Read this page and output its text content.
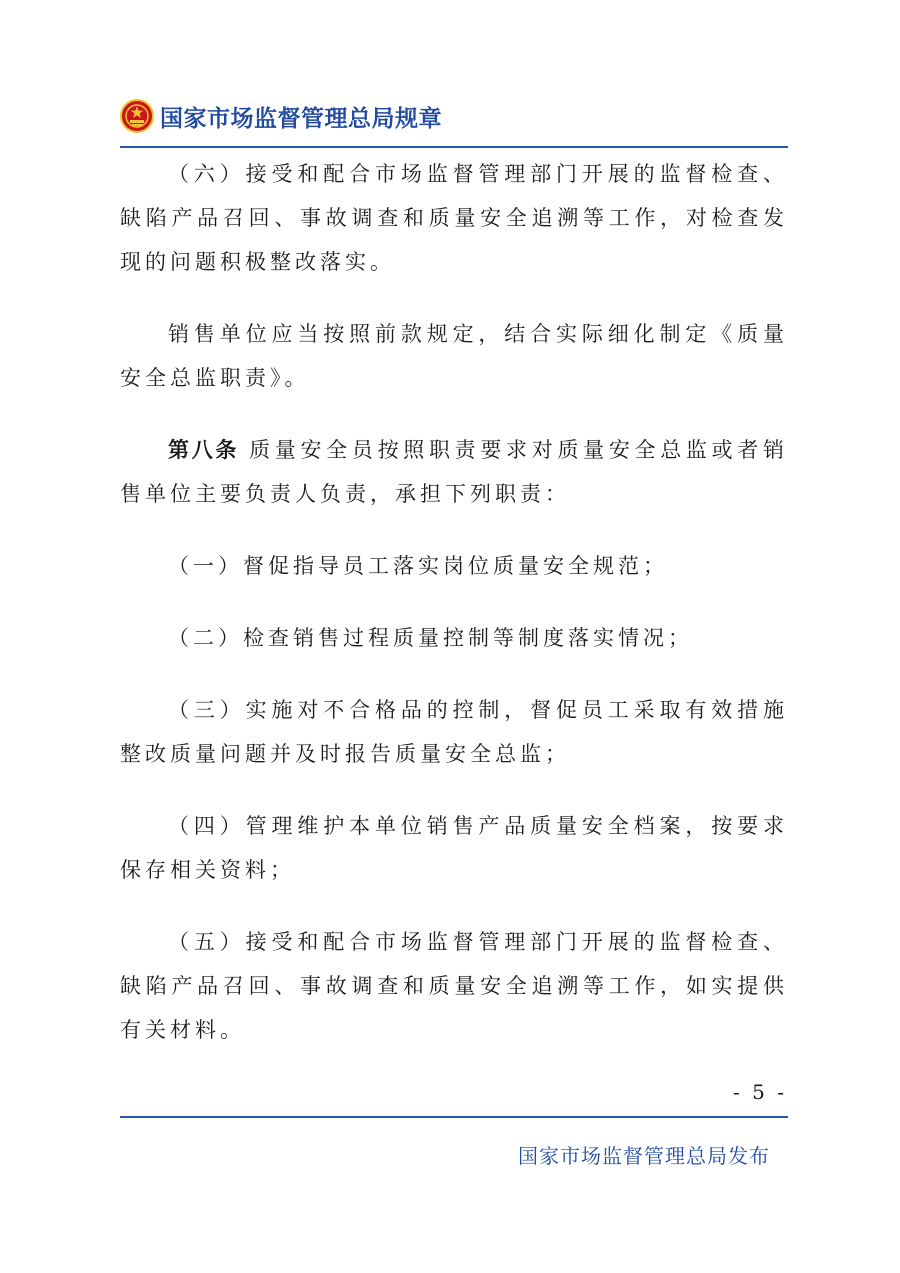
国家市场监督管理总局规章

（六）接受和配合市场监督管理部门开展的监督检查、缺陷产品召回、事故调查和质量安全追溯等工作，对检查发现的问题积极整改落实。

销售单位应当按照前款规定，结合实际细化制定《质量安全总监职责》。

第八条 质量安全员按照职责要求对质量安全总监或者销售单位主要负责人负责，承担下列职责：

（一）督促指导员工落实岗位质量安全规范；

（二）检查销售过程质量控制等制度落实情况；

（三）实施对不合格品的控制，督促员工采取有效措施整改质量问题并及时报告质量安全总监；

（四）管理维护本单位销售产品质量安全档案，按要求保存相关资料；

（五）接受和配合市场监督管理部门开展的监督检查、缺陷产品召回、事故调查和质量安全追溯等工作，如实提供有关材料。

- 5 -
国家市场监督管理总局发布
